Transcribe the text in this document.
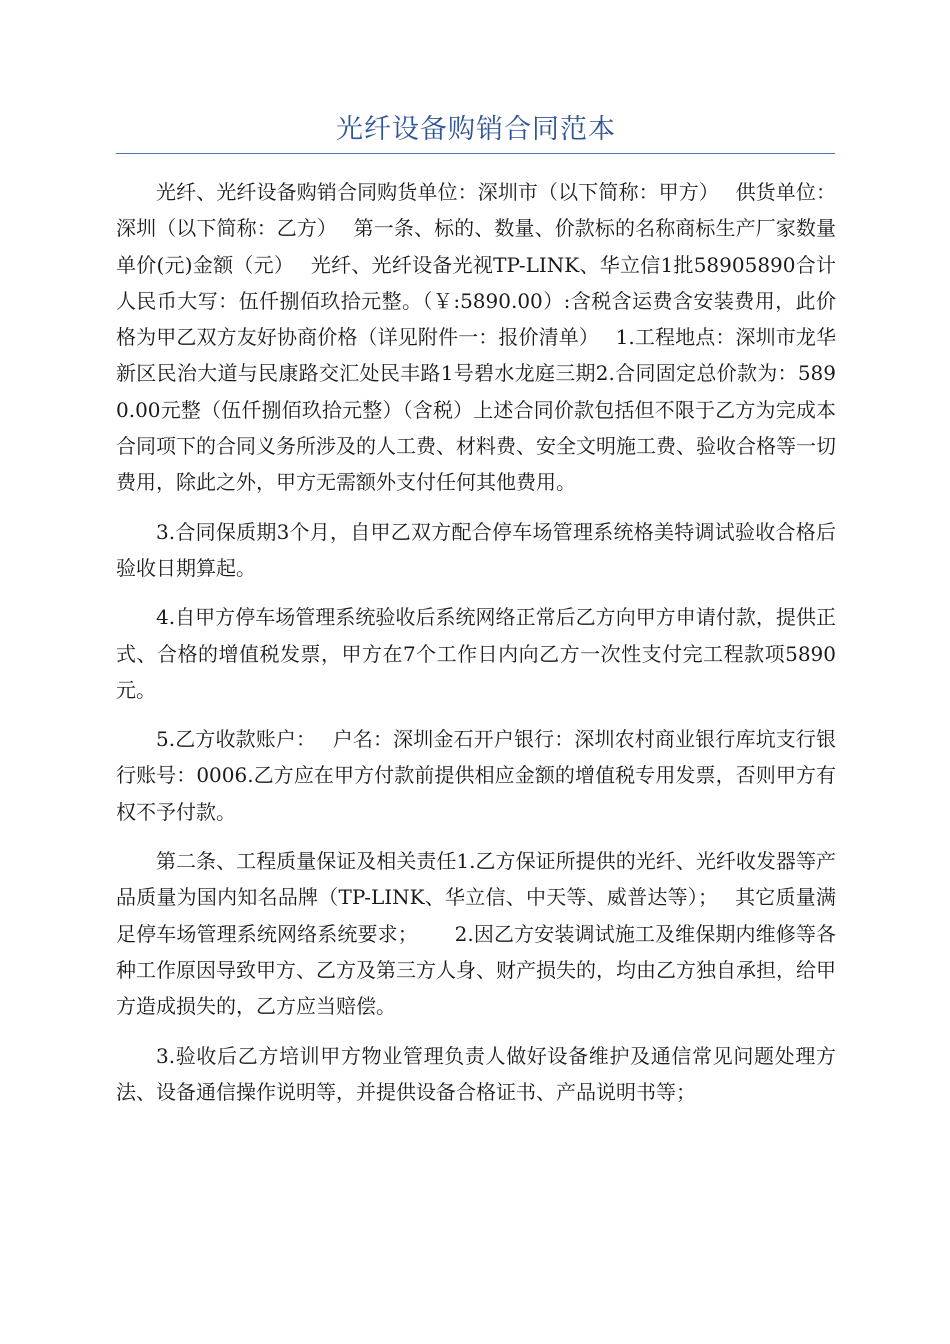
光纤设备购销合同范本

光纤、光纤设备购销合同购货单位：深圳市（以下简称：甲方）　 供货单位：深圳（以下简称：乙方）　 第一条、标的、数量、价款标的名称商标生产厂家数量单价(元)金额（元）　 光纤、光纤设备光视TP-LINK、华立信1批58905890合计人民币大写：伍仟捌佰玖拾元整。（￥:5890.00）:含税含运费含安装费用，此价格为甲乙双方友好协商价格（详见附件一：报价清单）　 1.工程地点：深圳市龙华新区民治大道与民康路交汇处民丰路1号碧水龙庭三期2.合同固定总价款为：5890.00元整（伍仟捌佰玖拾元整）（含税）上述合同价款包括但不限于乙方为完成本合同项下的合同义务所涉及的人工费、材料费、安全文明施工费、验收合格等一切费用，除此之外，甲方无需额外支付任何其他费用。

3.合同保质期3个月，自甲乙双方配合停车场管理系统格美特调试验收合格后验收日期算起。

4.自甲方停车场管理系统验收后系统网络正常后乙方向甲方申请付款，提供正式、合格的增值税发票，甲方在7个工作日内向乙方一次性支付完工程款项5890元。

5.乙方收款账户：　 户名：深圳金石开户银行：深圳农村商业银行库坑支行银行账号：0006.乙方应在甲方付款前提供相应金额的增值税专用发票，否则甲方有权不予付款。

第二条、工程质量保证及相关责任1.乙方保证所提供的光纤、光纤收发器等产品质量为国内知名品牌（TP-LINK、华立信、中天等、威普达等）；　 其它质量满足停车场管理系统网络系统要求；　　 2.因乙方安装调试施工及维保期内维修等各种工作原因导致甲方、乙方及第三方人身、财产损失的，均由乙方独自承担，给甲方造成损失的，乙方应当赔偿。

3.验收后乙方培训甲方物业管理负责人做好设备维护及通信常见问题处理方法、设备通信操作说明等，并提供设备合格证书、产品说明书等；
